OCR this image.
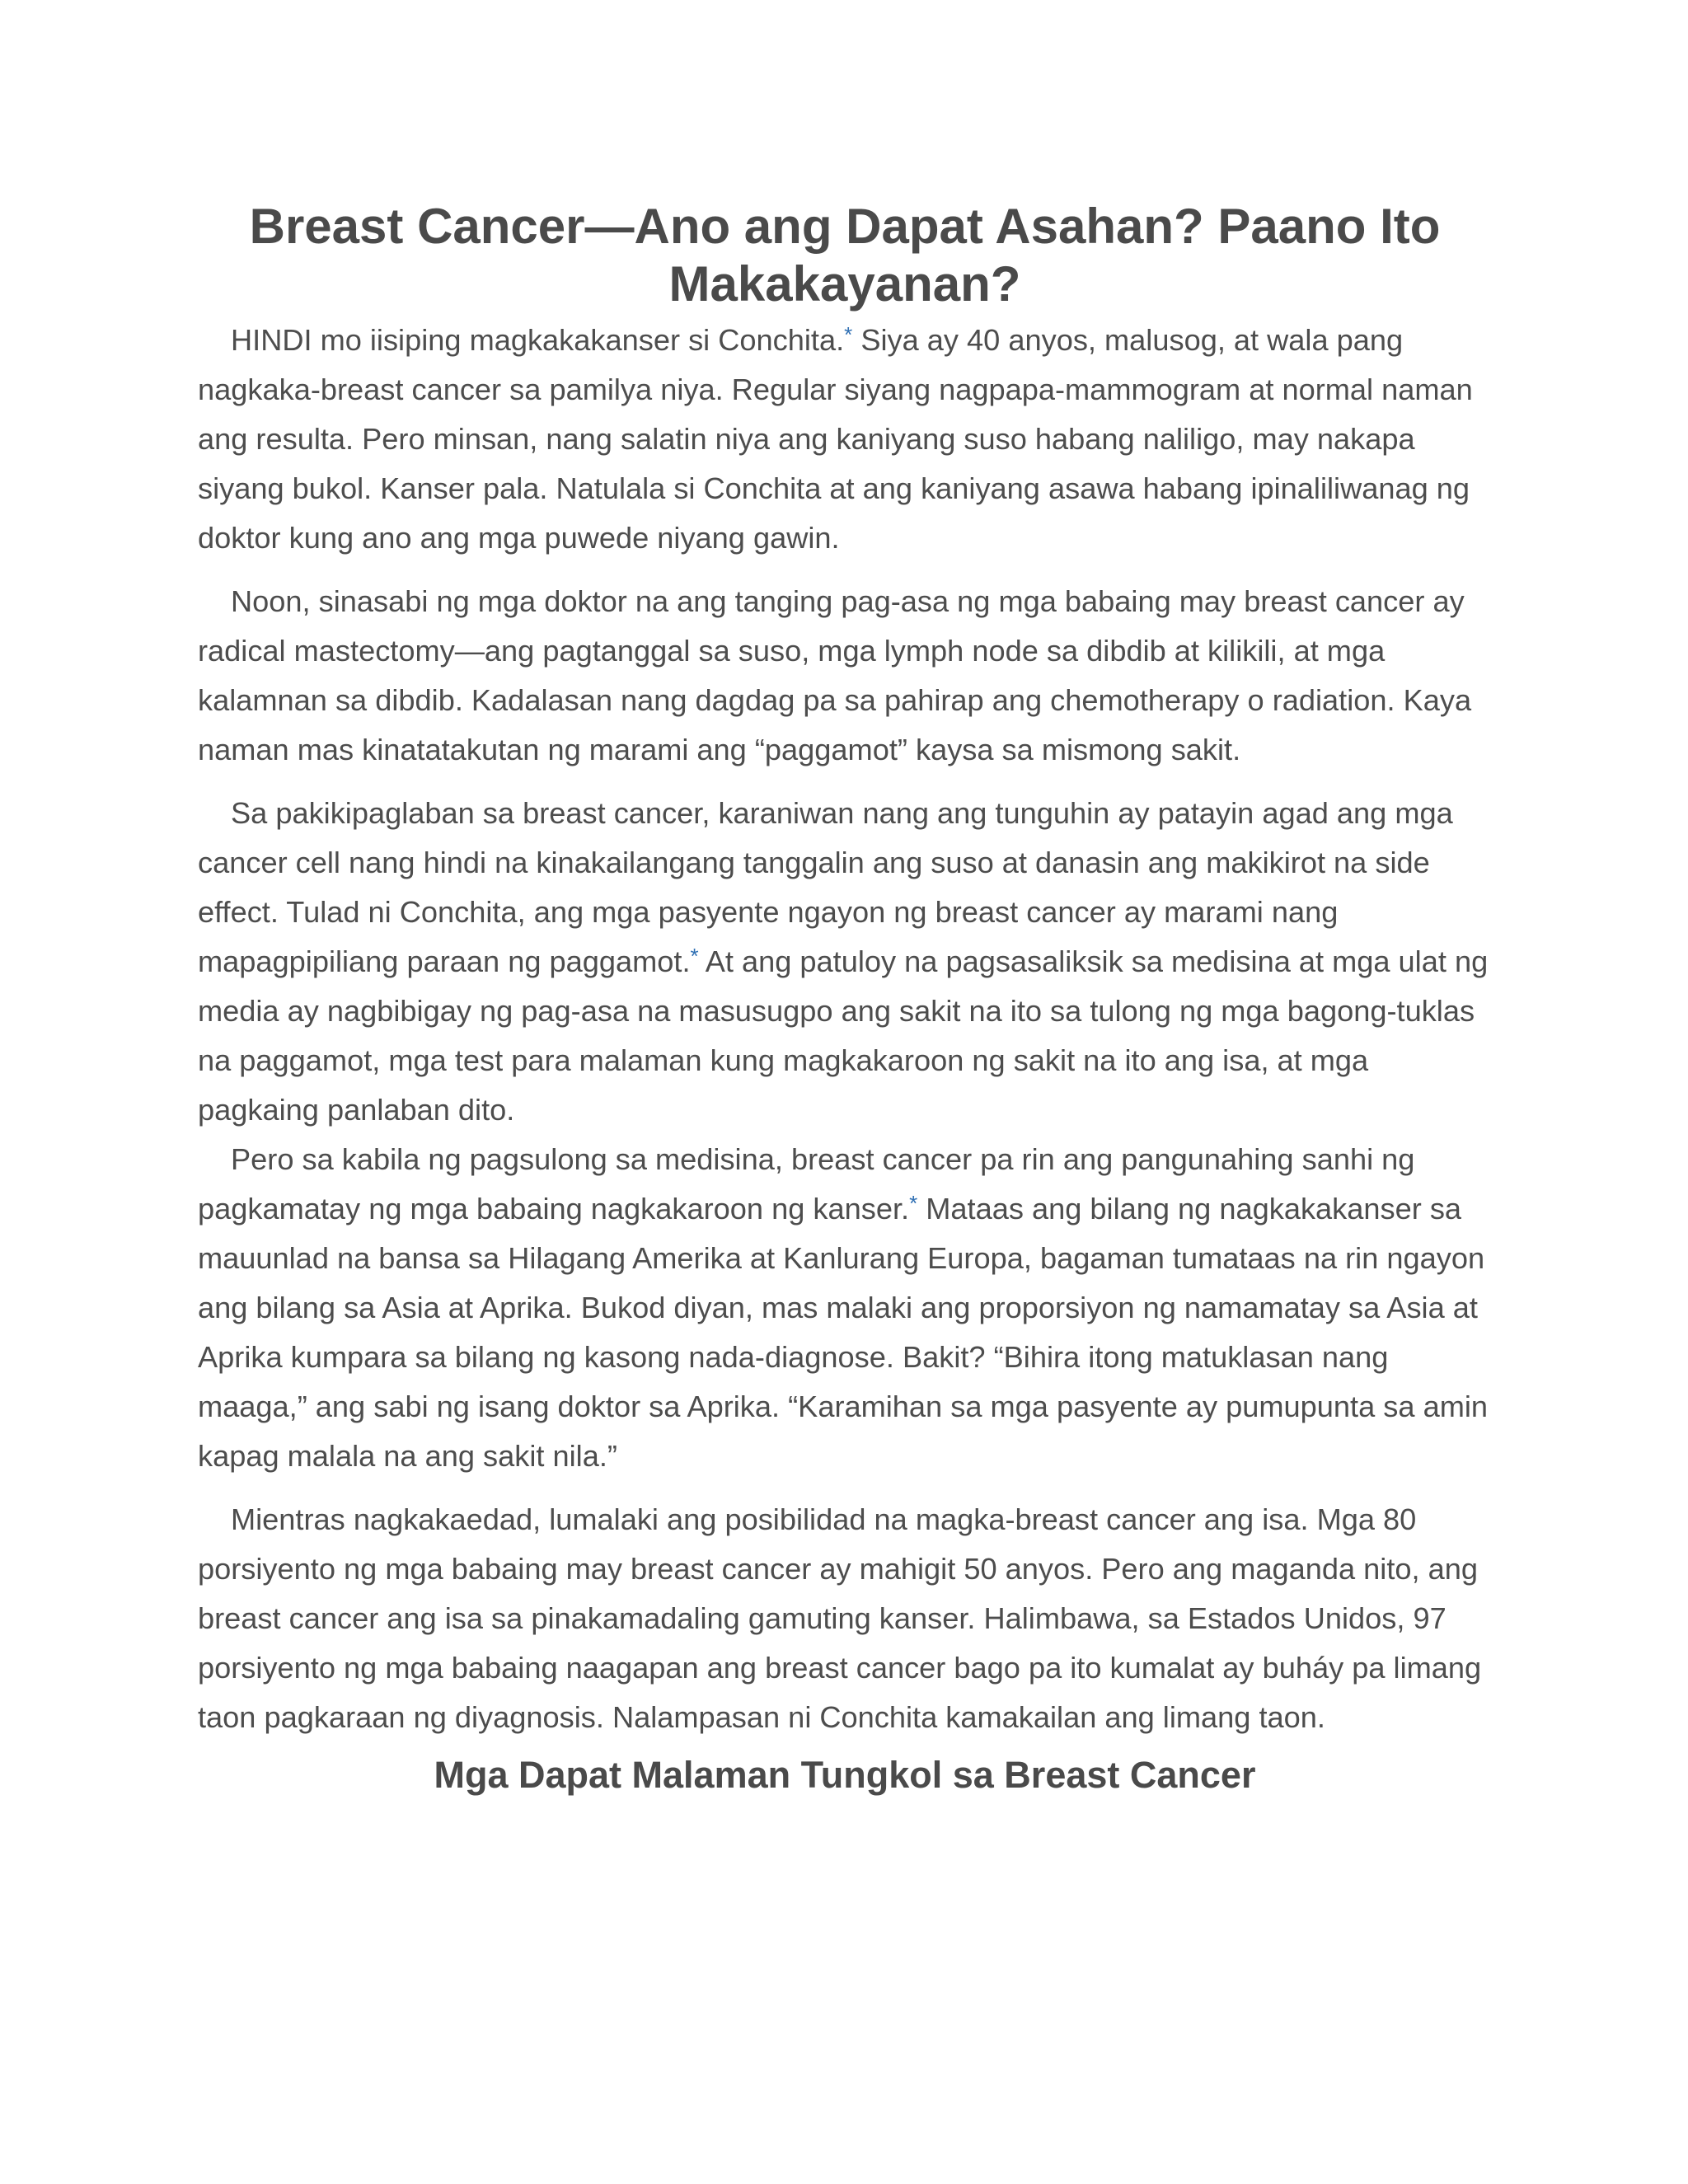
Breast Cancer—Ano ang Dapat Asahan? Paano Ito Makakayanan?

HINDI mo iisiping magkakakanser si Conchita.* Siya ay 40 anyos, malusog, at wala pang nagkaka-breast cancer sa pamilya niya. Regular siyang nagpapa-mammogram at normal naman ang resulta. Pero minsan, nang salatin niya ang kaniyang suso habang naliligo, may nakapa siyang bukol. Kanser pala. Natulala si Conchita at ang kaniyang asawa habang ipinaliliwanag ng doktor kung ano ang mga puwede niyang gawin.

Noon, sinasabi ng mga doktor na ang tanging pag-asa ng mga babaing may breast cancer ay radical mastectomy—ang pagtanggal sa suso, mga lymph node sa dibdib at kilikili, at mga kalamnan sa dibdib. Kadalasan nang dagdag pa sa pahirap ang chemotherapy o radiation. Kaya naman mas kinatatakutan ng marami ang “paggamot” kaysa sa mismong sakit.

Sa pakikipaglaban sa breast cancer, karaniwan nang ang tunguhin ay patayin agad ang mga cancer cell nang hindi na kinakailangang tanggalin ang suso at danasin ang makikirot na side effect. Tulad ni Conchita, ang mga pasyente ngayon ng breast cancer ay marami nang mapagpipiliang paraan ng paggamot.* At ang patuloy na pagsasaliksik sa medisina at mga ulat ng media ay nagbibigay ng pag-asa na masusugpo ang sakit na ito sa tulong ng mga bagong-tuklas na paggamot, mga test para malaman kung magkakaroon ng sakit na ito ang isa, at mga pagkaing panlaban dito.

Pero sa kabila ng pagsulong sa medisina, breast cancer pa rin ang pangunahing sanhi ng pagkamatay ng mga babaing nagkakaroon ng kanser.* Mataas ang bilang ng nagkakakanser sa mauunlad na bansa sa Hilagang Amerika at Kanlurang Europa, bagaman tumataas na rin ngayon ang bilang sa Asia at Aprika. Bukod diyan, mas malaki ang proporsiyon ng namamatay sa Asia at Aprika kumpara sa bilang ng kasong nada-diagnose. Bakit? “Bihira itong matuklasan nang maaga,” ang sabi ng isang doktor sa Aprika. “Karamihan sa mga pasyente ay pumupunta sa amin kapag malala na ang sakit nila.”

Mientras nagkakaedad, lumalaki ang posibilidad na magka-breast cancer ang isa. Mga 80 porsiyento ng mga babaing may breast cancer ay mahigit 50 anyos. Pero ang maganda nito, ang breast cancer ang isa sa pinakamadaling gamuting kanser. Halimbawa, sa Estados Unidos, 97 porsiyento ng mga babaing naagapan ang breast cancer bago pa ito kumalat ay buháy pa limang taon pagkaraan ng diyagnosis. Nalampasan ni Conchita kamakailan ang limang taon.

Mga Dapat Malaman Tungkol sa Breast Cancer
